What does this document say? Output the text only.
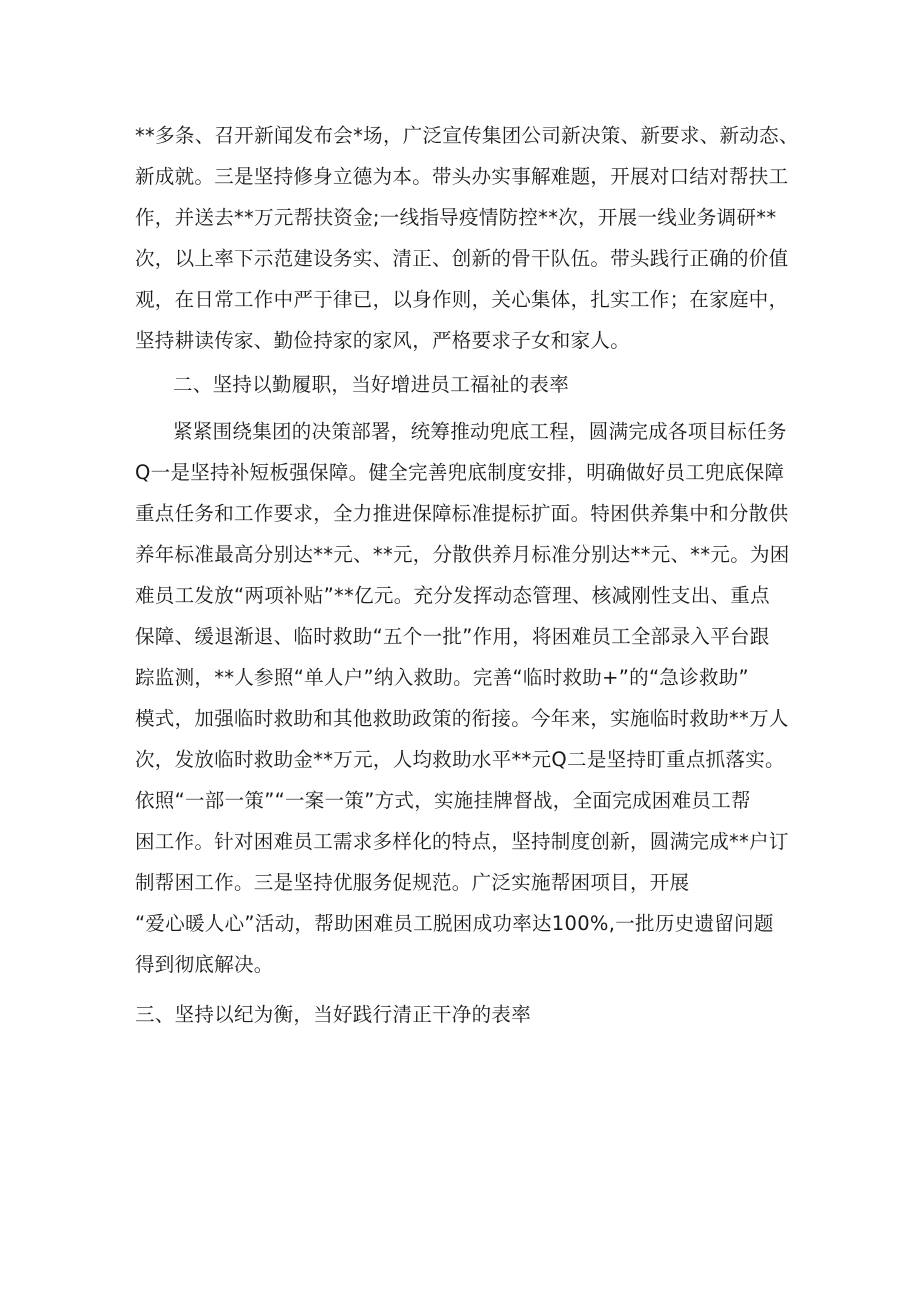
**多条、召开新闻发布会*场，广泛宣传集团公司新决策、新要求、新动态、
新成就。三是坚持修身立德为本。带头办实事解难题，开展对口结对帮扶工
作，并送去**万元帮扶资金;一线指导疫情防控**次，开展一线业务调研**
次，以上率下示范建设务实、清正、创新的骨干队伍。带头践行正确的价值
观，在日常工作中严于律已，以身作则，关心集体，扎实工作；在家庭中，
坚持耕读传家、勤俭持家的家风，严格要求子女和家人。
二、坚持以勤履职，当好增进员工福祉的表率
紧紧围绕集团的决策部署，统筹推动兜底工程，圆满完成各项目标任务
Q一是坚持补短板强保障。健全完善兜底制度安排，明确做好员工兜底保障
重点任务和工作要求，全力推进保障标准提标扩面。特困供养集中和分散供
养年标准最高分别达**元、**元，分散供养月标准分别达**元、**元。为困
难员工发放“两项补贴”**亿元。充分发挥动态管理、核减刚性支出、重点
保障、缓退渐退、临时救助“五个一批”作用，将困难员工全部录入平台跟
踪监测，**人参照“单人户”纳入救助。完善“临时救助+”的“急诊救助”
模式，加强临时救助和其他救助政策的衔接。今年来，实施临时救助**万人
次，发放临时救助金**万元，人均救助水平**元Q二是坚持盯重点抓落实。
依照“一部一策”“一案一策”方式，实施挂牌督战，全面完成困难员工帮
困工作。针对困难员工需求多样化的特点，坚持制度创新，圆满完成**户订
制帮困工作。三是坚持优服务促规范。广泛实施帮困项目，开展
“爱心暖人心”活动，帮助困难员工脱困成功率达100%,一批历史遗留问题
得到彻底解决。
三、坚持以纪为衡，当好践行清正干净的表率
